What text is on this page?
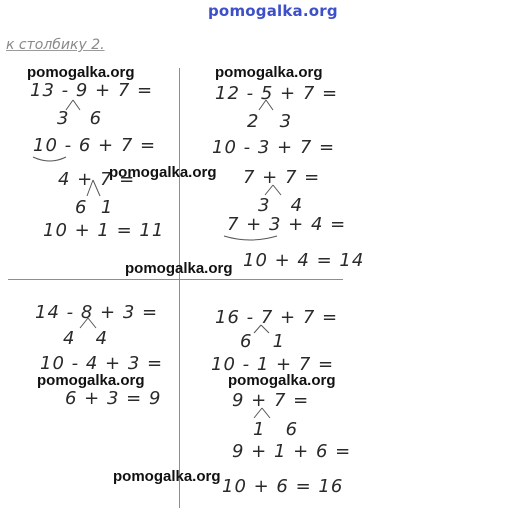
pomogalka.org
к столбику 2.
13 - 9 + 7 =
3   6
10 - 6 + 7 =
4 + 7 =
6  1
10 + 1 = 11
12 - 5 + 7 =
2   3
10 - 3 + 7 =
7 + 7 =
3   4
7 + 3 + 4 =
10 + 4 = 14
14 - 8 + 3 =
4   4
10 - 4 + 3 =
6 + 3 = 9
16 - 7 + 7 =
6   1
10 - 1 + 7 =
9 + 7 =
1   6
9 + 1 + 6 =
10 + 6 = 16
pomogalka.org	pomogalka.org
pomogalka.org
pomogalka.org
pomogalka.org	pomogalka.org
pomogalka.org
